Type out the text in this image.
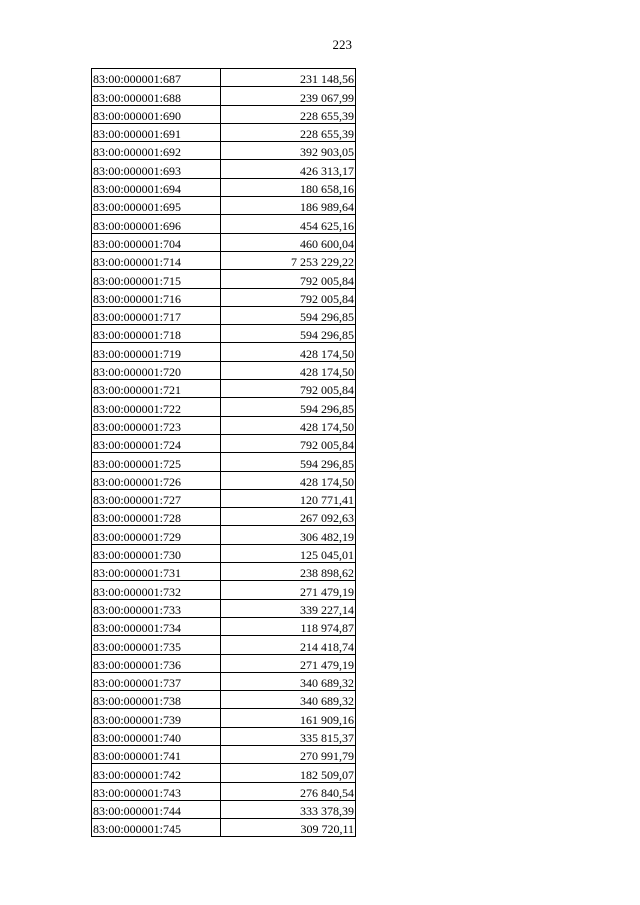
223
83:00:000001:687	231 148,56
83:00:000001:688	239 067,99
83:00:000001:690	228 655,39
83:00:000001:691	228 655,39
83:00:000001:692	392 903,05
83:00:000001:693	426 313,17
83:00:000001:694	180 658,16
83:00:000001:695	186 989,64
83:00:000001:696	454 625,16
83:00:000001:704	460 600,04
83:00:000001:714	7 253 229,22
83:00:000001:715	792 005,84
83:00:000001:716	792 005,84
83:00:000001:717	594 296,85
83:00:000001:718	594 296,85
83:00:000001:719	428 174,50
83:00:000001:720	428 174,50
83:00:000001:721	792 005,84
83:00:000001:722	594 296,85
83:00:000001:723	428 174,50
83:00:000001:724	792 005,84
83:00:000001:725	594 296,85
83:00:000001:726	428 174,50
83:00:000001:727	120 771,41
83:00:000001:728	267 092,63
83:00:000001:729	306 482,19
83:00:000001:730	125 045,01
83:00:000001:731	238 898,62
83:00:000001:732	271 479,19
83:00:000001:733	339 227,14
83:00:000001:734	118 974,87
83:00:000001:735	214 418,74
83:00:000001:736	271 479,19
83:00:000001:737	340 689,32
83:00:000001:738	340 689,32
83:00:000001:739	161 909,16
83:00:000001:740	335 815,37
83:00:000001:741	270 991,79
83:00:000001:742	182 509,07
83:00:000001:743	276 840,54
83:00:000001:744	333 378,39
83:00:000001:745	309 720,11
